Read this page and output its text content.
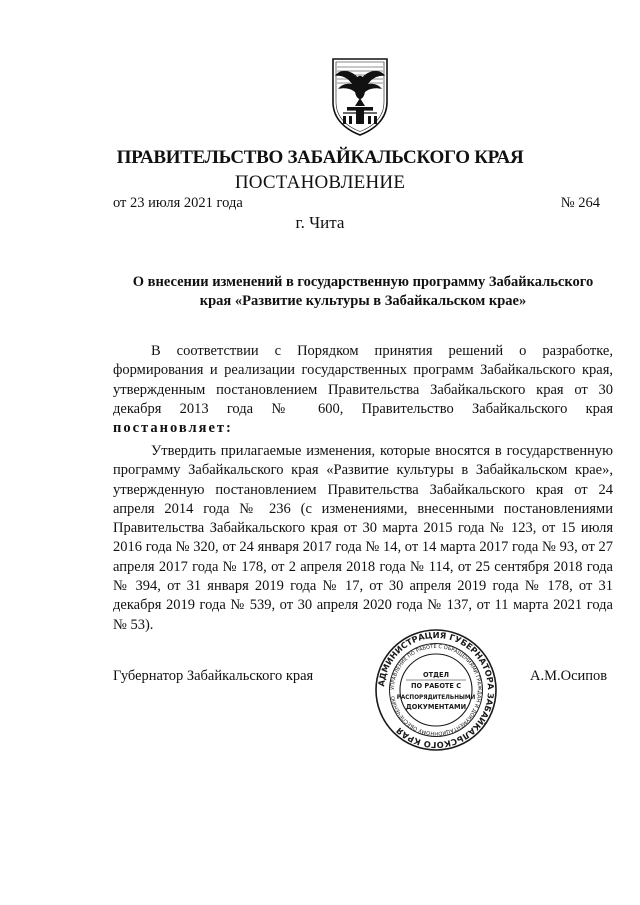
ПРАВИТЕЛЬСТВО ЗАБАЙКАЛЬСКОГО КРАЯ
ПОСТАНОВЛЕНИЕ
от 23 июля 2021 года	№ 264
г. Чита
О внесении изменений в государственную программу Забайкальского края «Развитие культуры в Забайкальском крае»

В соответствии с Порядком принятия решений о разработке, формирования и реализации государственных программ Забайкальского края, утвержденным постановлением Правительства Забайкальского края от 30 декабря 2013 года № 600, Правительство Забайкальского края постановляет:

Утвердить прилагаемые изменения, которые вносятся в государственную программу Забайкальского края «Развитие культуры в Забайкальском крае», утвержденную постановлением Правительства Забайкальского края от 24 апреля 2014 года № 236 (с изменениями, внесенными постановлениями Правительства Забайкальского края от 30 марта 2015 года № 123, от 15 июля 2016 года № 320, от 24 января 2017 года № 14, от 14 марта 2017 года № 93, от 27 апреля 2017 года № 178, от 2 апреля 2018 года № 114, от 25 сентября 2018 года № 394, от 31 января 2019 года № 17, от 30 апреля 2019 года № 178, от 31 декабря 2019 года № 539, от 30 апреля 2020 года № 137, от 11 марта 2021 года № 53).

Губернатор Забайкальского края	АДМИНИСТРАЦИЯ ГУБЕРНАТОРА ЗАБАЙКАЛЬСКОГО КРАЯ
УПРАВЛЕНИЕ ПО РАБОТЕ С ОБРАЩЕНИЯМИ ГРАЖДАН И ДОКУМЕНТАЦИОННОМУ ОБЕСПЕЧЕНИЮ
ОТДЕЛ
ПО РАБОТЕ С
РАСПОРЯДИТЕЛЬНЫМИ
ДОКУМЕНТАМИ
А.М.Осипов
